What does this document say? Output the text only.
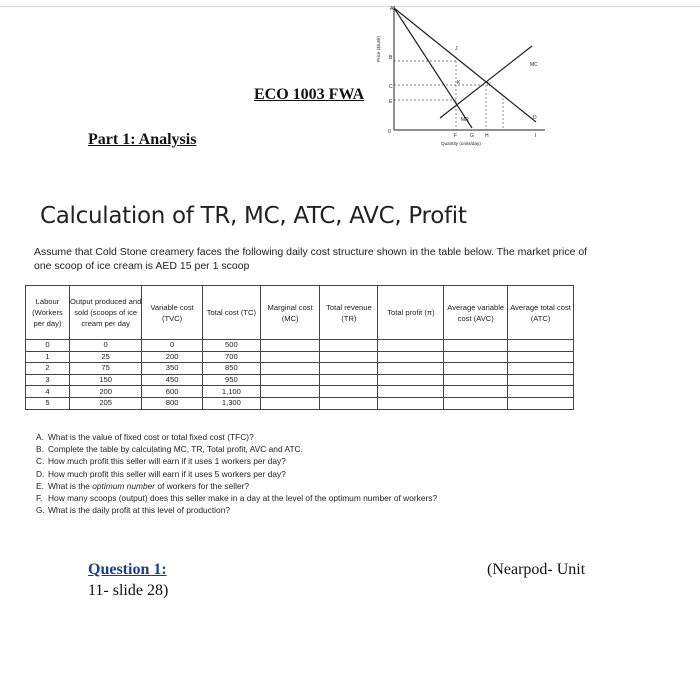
Price ($/unit)
A
B
C
E
0
F	G H	I
Quantity (units/day)
MC
MR	D
J
K	N
ECO 1003 FWA
Part 1: Analysis
Calculation of TR, MC, ATC, AVC, Profit
Assume that Cold Stone creamery faces the following daily cost structure shown in the table below. The market price of one scoop of ice cream is AED 15 per 1 scoop
Labour (Workers per day)	Output produced and sold (scoops of ice cream per day	Variable cost (TVC)	Total cost (TC)	Marginal cost (MC)	Total revenue (TR)	Total profit (π)	Average variable cost (AVC)	Average total cost (ATC)
0	0	0	500					
1	25	200	700					
2	75	350	850					
3	150	450	950					
4	200	600	1,100					
5	205	800	1,300					
A. What is the value of fixed cost or total fixed cost (TFC)?
B. Complete the table by calculating MC, TR, Total profit, AVC and ATC.
C. How much profit this seller will earn if it uses 1 workers per day?
D. How much profit this seller will earn if it uses 5 workers per day?
E. What is the optimum number of workers for the seller?
F. How many scoops (output) does this seller make in a day at the level of the optimum number of workers?
G. What is the daily profit at this level of production?
Question 1:
11- slide 28)
(Nearpod- Unit
